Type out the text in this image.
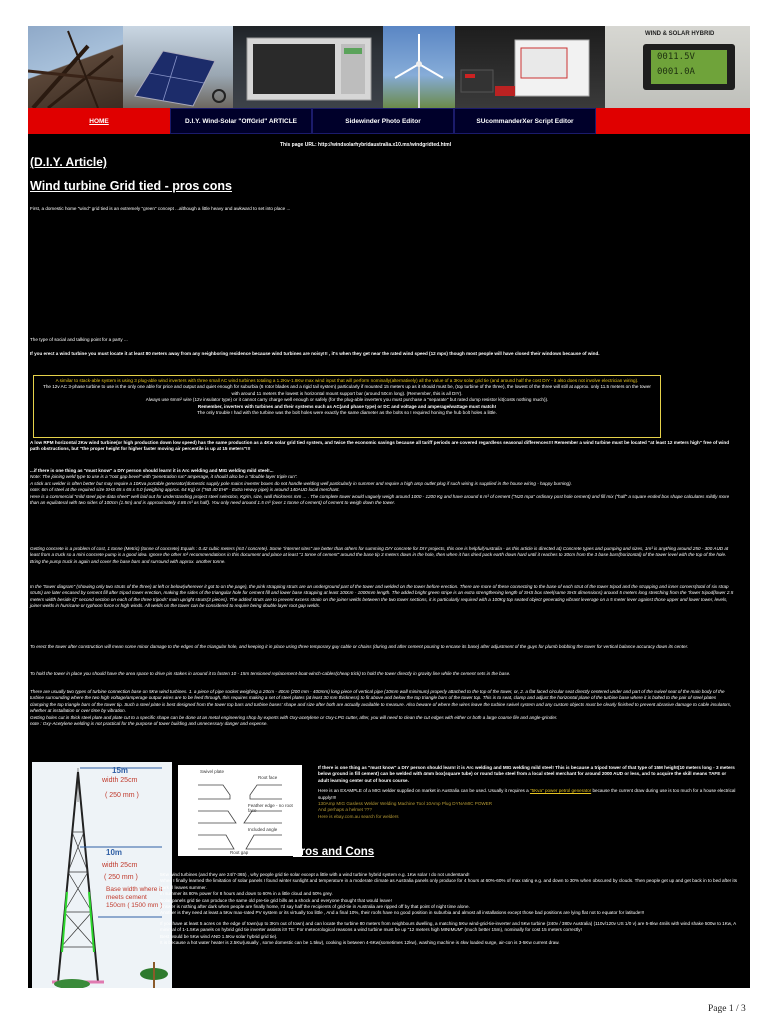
WIND & SOLAR HYBRID
0011.5V
0001.0A
HOME	D.I.Y. Wind-Solar "OffGrid" ARTICLE	Sidewinder Photo Editor	SUcommanderXer Script Editor
This page URL: http://windsolarhybridaustralia.x10.mx/windgridted.html
(D.I.Y. Article)
Wind turbine Grid tied - pros cons
First, a domestic home "wind" grid tied is an extremely "green" concept ...although a little heavy and awkward to set into place ...
The type of social and talking point for a party ...
If you erect a wind turbine you must locate it at least 80 meters away from any neighboring residence because wind turbines are noisy!!! , it's when they get near the rated wind speed (12 mps) though most people will have closed their windows because of wind.
A similar to stack-able system is using 3 plug-able wind inverters with three small AC wind turbines totaling a 1.2Kw-1.8Kw max wind input that will perform nominally(alternatively) all the value of a 3Kw solar grid tie (and around half the cost DIY - it also does not involve electrician wiring).
The 12v AC 3-phase turbine to use is the only one able for price and output and quiet enough for suburbia (6 rotor blades and a rigid tail system) particularly if mounted 15 meters up as it should must be, (top turbine of the three), the lowest of the three will still at approx. only 11.5 meters on the tower with around 11 meters the lowest is horizontal mount support bar (around 50cm long). (Remember, this is all DIY).
Always use 6mm² wire (12v insulator type) or it cannot carry charge well enough or safely (for the plug-able inverters you must purchase a "separate" but rated dump resistor kit(costs nothing much)).
Remember, inverters with turbines and their systems such as AC(and phase type) or DC and voltage and amperage/wattage must match!
The only trouble I had with the turbine was the bolt holes were exactly the same diameter as the bolts so I required honing the hub bolt holes a little.
A low RPM horizontal 2Kw wind turbine(or high production down low speed) has the same production as a 4Kw solar grid tied system, and twice the economic savings because all tariff periods are covered regardless seasonal differences!!! Remember a wind turbine must be located "at least 12 meters high" free of wind path obstructions, but "the proper height for higher faster moving air percentile is up at 15 meters"!!!
...if there is one thing as "must know" a DIY person should learn! it is Arc welding and MIG welding mild steel!...
Note: The joining weld type to use is a "root gap bevel" with "penetration run" amperage, it should also be a "double layer triple run".
A stick arc welder is often better but may require a 10Kva portable generator(domestic supply pole mains inverter boxes do not handle welding well particularly in summer and require a high amp outlet plug if such wiring is supplied in the house wiring - happy burning).
note: 6m of steel at the required size SHS 65 x 65 x 5.0 (weighing approx. 64 Kg) or ("NB 40 EHF - Extra Heavy pipe) is around 140AUD local merchant.
Here is a commercial "mild steel pipe data sheet" well laid out for understanding project steel selection, Kg/m, size, wall thickness mm ... . The complete tower would vaguely weigh around 1000 - 1200 Kg and have around 6 m³ of cement ("N20 mpa" ordinary post hole cement) and fill mix ("half" a square ended box shape calculates mildly more than an equilateral with two sides of 100cm (1.5m) and is approximately 4.86 m³ as half). You only need around 1.5 m³ (over 1 tonne of cement) of cement to weigh down the tower.
Getting concrete is a problem of cost, 1 tonne (Metric) (tonne of concrete) Equals : 0.42 cubic meters (m3 / concrete). Some "internet sites" are better than others for summing DIY concrete for DIY projects, this one is helpful(Australia - as this article is directed at) Concrete types and pumping and sizes, 1m³ is anything around 250 - 300 AUD at least from a truck so a mini concrete pump is a good idea. Ignore the other m³ recommendations in this document and place at least "1 tonne of cement" around the base tip 3 meters down in the hole, then when it has dried pack earth down hard until it reaches to 30cm from the 3 base bars(horizontal) of the tower level with the top of the hole. Bring the pump truck in again and cover the base bars and surround with approx. another tonne.
In the "tower diagram" (showing only two struts of the three) at left or below(wherever it got to on the page), the pink strapping struts are an underground part of the tower and welded on the tower before erection. There are more of these connecting to the base of each strut of the tower tripod and the strapping and inner corners(total of six strap struts) are later encased by cement fill after tripod tower erection, making the sides of the triangular hole for cement fill and lower base strapping at least 100cm - 1000mm length. The added bright green stripe is an extra strengthening length of SHS box steel(same SHS dimensions) around 5 meters long stretching from the "lower tripod(lower 2.5 meters width beside it)" second section on each of the three tripods' main upright struts(3 pieces). The added struts are to prevent excess strain on the joiner welds between the two tower sections, it is particularly required with a 100Kg top seated object generating vibrant leverage on a 5 meter lever against those upper and lower tower, levels, joiner welds in hurricane or typhoon force or high winds. All welds on the tower can be considered to require being double layer root gap welds.
To erect the tower after construction will mean some minor damage to the edges of the triangular hole, and keeping it in place using three temporary guy cable or chains (during and after cement pouring to encase its base) after adjustment of the guys for plumb bobbing the tower for vertical balance accuracy down its center.
To hold the tower in place you should have the area space to drive pin stakes in around it to fasten 10 - 15m tensioned replacement-boat-winch-cables(cheap trick) to hold the tower directly in gravity line while the cement sets in the base.
There are usually two types of turbine connection base on 5Kw wind turbines. 1. a piece of pipe socket weighing a 20cm - 40cm (200 mm - 400mm) long piece of vertical pipe (10mm wall minimum) properly attached to the top of the tower, or, 2. a flat faced circular seat directly centered under and part of the swivel seat of the main body of the turbine surrounding where the two high voltage/amperage output wires are to be feed through, this requires making a set of steel plates (at least 30 mm thickness) to fit above and below the top triangle bars of the tower top. This is to seat, clamp and adjust the horizontal plane of the turbine base where it is bolted to the pair of steel plates clamping the top triangle bars of the tower tip. Such a steel plate is best designed from the tower top bars and turbine bases' shape and size after both are actually available to measure. Also beware of where the wires leave the turbine swivel system and any custom objects must be clearly finished to prevent abrasive damage to cable insulators, whether at installation or over time by vibration.
Getting holes cut in thick steel plate and plate cut to a specific shape can be done at an metal engineering shop by experts with Oxy-acetylene or Oxy-LPG cutter, after, you will need to clean the cut edges with either or both a large coarse file and angle-grinder.
note : Oxy-Acetylene welding is not practical for the purpose of tower building and unnecessary danger and expense.
15m
width 25cm
( 250 mm )
10m
width 25cm
( 250 mm )
Base width where it meets cement 150cm ( 1500 mm )
Swivel plate
Root face
Feather edge - no root face
Included angle
Root gap
If there is one thing as "must know" a DIY person should learn! it is Arc welding and MIG welding mild steel! This is because a tripod tower of that type of 15M height(10 meters long - 3 meters below ground in fill cement) can be welded with 4mm box(square tube) or round tube steel from a local steel merchant for around 2000 AUD or less, and to acquire the skill means TAFE or adult learning center out of hours course.
Here is an EXAMPLE of a MIG welder supplied on market in Australia can be used. Usually it requires a "5Kva" power petrol generator because the current draw during use is too much for a house electrical supply!!!!
130Amp MIG Gasless Welder Welding Machine Tool 10Amp Plug DYNAMIC POWER
And perhaps a helmet ???
Here is ebay.com.au search for welders
Pros and Cons
5Kw wind turbines (and they are 24/7-365) , why people grid tie solar except a little with a wind turbine hybrid system e.g. 1Kw solar I do not understand!
When I finally learned the limitation of solar panels I found winter sunlight and temperature in a moderate climate as Australia panels only produce for 4 hours at 60%-60% of max rating e.g. and down to 30% when obscured by clouds. Then people get up and get back in to bed after its dark ill leaves summer.
In summer its 80% power for 8 hours and down to 60% in a little cloud and 50% grey.
Solar panels grid tie can produce the same old pre-tie grid bills as a shock and everyone thought that would leave!
Answer is nothing after dark when people are finally home, I'd say half the recipients of grid-tie in Australia are ripped off by that point of night time alone.
Another is they need at least a 5Kw max-rated PV system or its virtually too little , And a final 10%, their roofs have no good position in suburbia and almost all installations except those bad positions are lying flat not to equator for latitude!!!
If you have at least 5 acres on the edge of town(up to 3Km out of town) and can locate the turbine 80 meters from neighbours dwelling, a matching 5Kw wind-grid-tie-inverter and 5Kw turbine (240v / 380v Australia) (110v/120v US 1/0 v) are 5-8kw 4mils with wind shake 500w to 1Kw, A minimal of 1-1.5Kw panels on hybrid grid tie inverter assists it!! TE: For meteorological reasons a wind turbine must be up "12 meters high MINIMUM" (much better 15m), nominally for cost 15 meters correctly!
Best would be 5Kw wind AND 1.5Kw solar hybrid grid tie).
It is because a hot water heater is 2.5Kw(usually , some domestic can be 1.5kw), cooking is between 4-6Kw(sometimes 12kw), washing machine is 4kw loaded surge, air-con is 3-5Kw current draw.
Page 1 / 3
